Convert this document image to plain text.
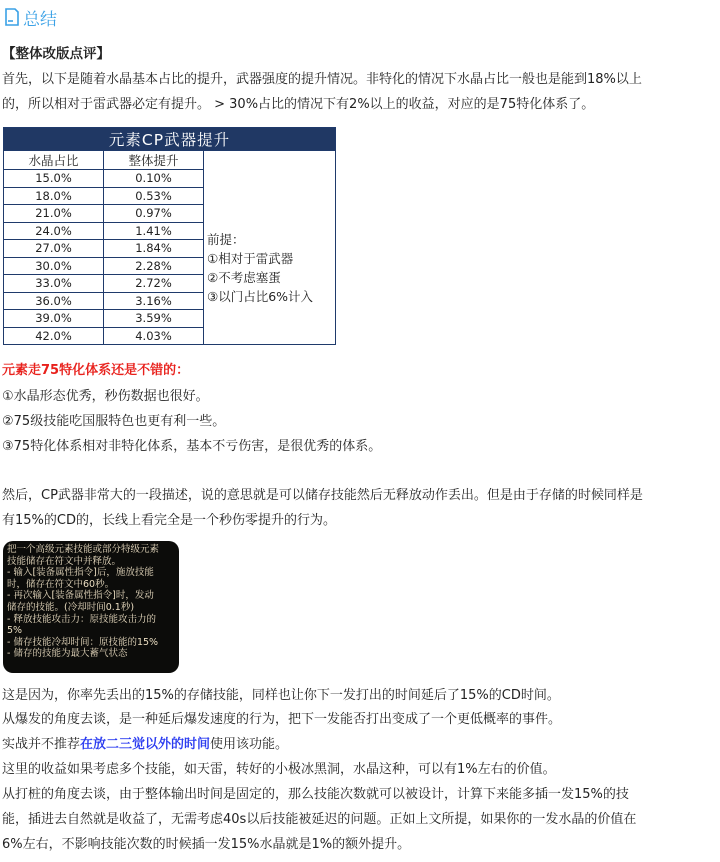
总结
【整体改版点评】
首先，以下是随着水晶基本占比的提升，武器强度的提升情况。非特化的情况下水晶占比一般也是能到18%以上
的，所以相对于雷武器必定有提升。 > 30%占比的情况下有2%以上的收益，对应的是75特化体系了。
元素CP武器提升		
水晶占比	整体提升	前提：
①相对于雷武器
②不考虑塞蛋
③以门占比6%计入

15.0%	0.10%	
18.0%	0.53%	
21.0%	0.97%	
24.0%	1.41%	
27.0%	1.84%	
30.0%	2.28%	
33.0%	2.72%	
36.0%	3.16%	
39.0%	3.59%	
42.0%	4.03%	
元素走75特化体系还是不错的：
①水晶形态优秀，秒伤数据也很好。
②75级技能吃国服特色也更有利一些。
③75特化体系相对非特化体系，基本不亏伤害，是很优秀的体系。
然后，CP武器非常大的一段描述，说的意思就是可以储存技能然后无释放动作丢出。但是由于存储的时候同样是
有15%的CD的，长线上看完全是一个秒伤零提升的行为。
把一个高级元素技能或部分特级元素
技能储存在符文中并释放。
- 输入[装备属性指令]后，施放技能
时，储存在符文中60秒。
- 再次输入[装备属性指令]时，发动
储存的技能。(冷却时间0.1秒)
- 释放技能攻击力：原技能攻击力的
5%
- 储存技能冷却时间：原技能的15%
- 储存的技能为最大蓄气状态
这是因为，你率先丢出的15%的存储技能，同样也让你下一发打出的时间延后了15%的CD时间。
从爆发的角度去谈，是一种延后爆发速度的行为，把下一发能否打出变成了一个更低概率的事件。
实战并不推荐在放二三觉以外的时间使用该功能。
这里的收益如果考虑多个技能，如天雷，转好的小极冰黑洞，水晶这种，可以有1%左右的价值。
从打桩的角度去谈，由于整体输出时间是固定的，那么技能次数就可以被设计，计算下来能多插一发15%的技
能，插进去自然就是收益了，无需考虑40s以后技能被延迟的问题。正如上文所提，如果你的一发水晶的价值在
6%左右，不影响技能次数的时候插一发15%水晶就是1%的额外提升。
